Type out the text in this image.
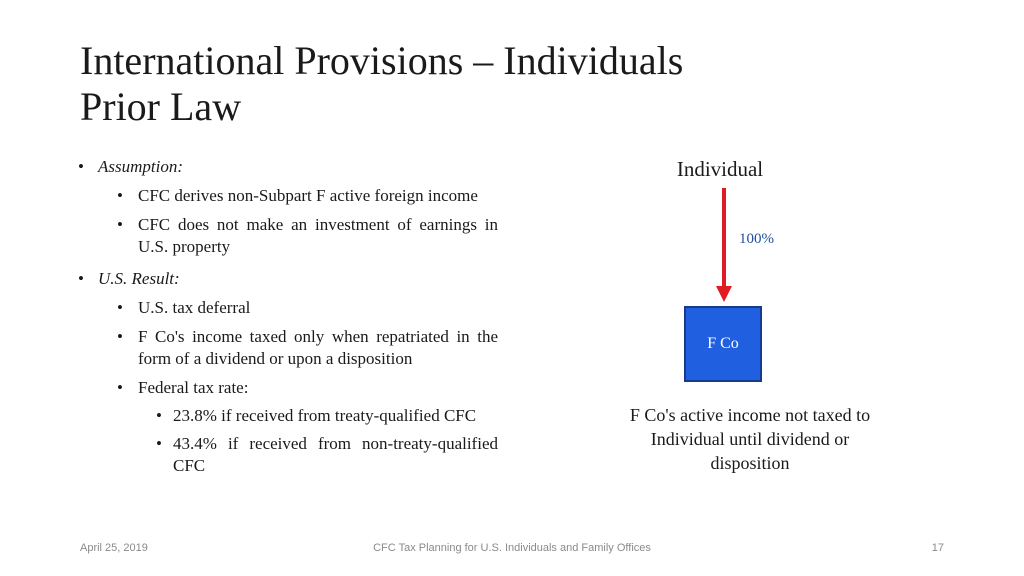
International Provisions – Individuals
Prior Law
• Assumption:
• CFC derives non-Subpart F active foreign income
• CFC does not make an investment of earnings in U.S. property
• U.S. Result:
• U.S. tax deferral
• F Co's income taxed only when repatriated in the form of a dividend or upon a disposition
• Federal tax rate:
• 23.8% if received from treaty-qualified CFC
• 43.4% if received from non-treaty-qualified CFC
Individual
100%
F Co
F Co's active income not taxed to Individual until dividend or disposition
April 25, 2019	CFC Tax Planning for U.S. Individuals and Family Offices	17
